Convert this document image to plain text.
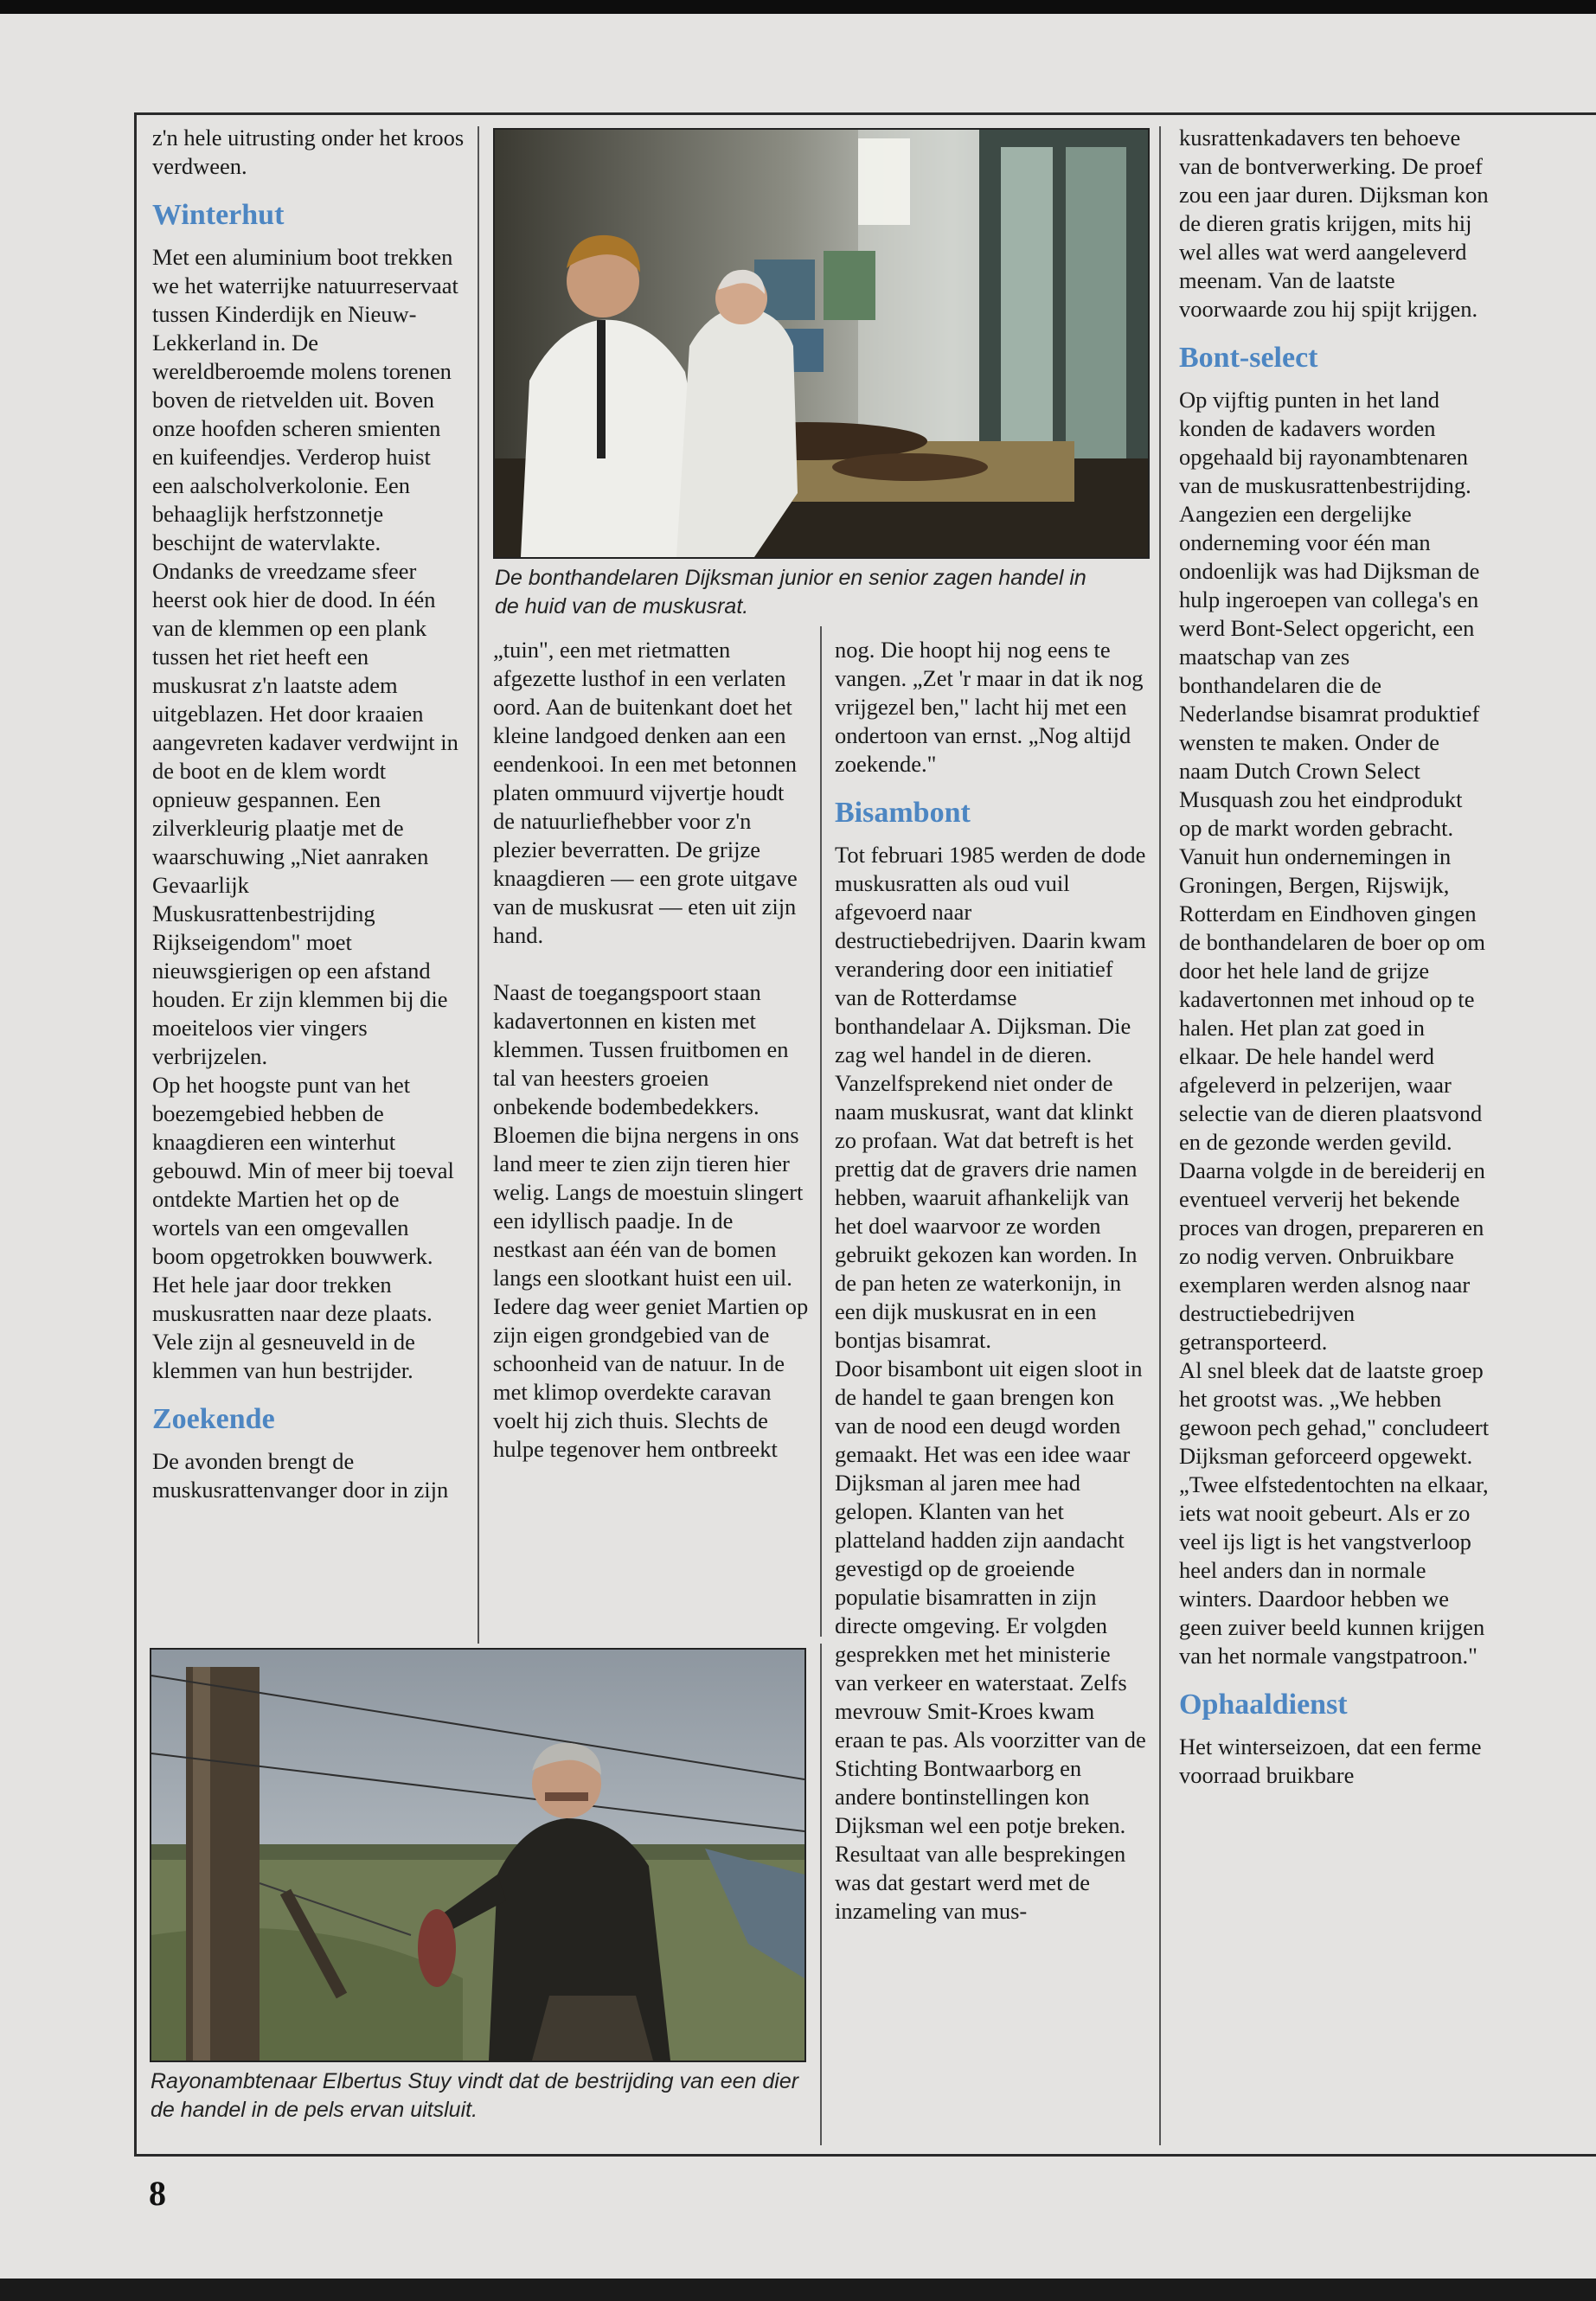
z'n hele uitrusting onder het kroos verdween.

Winterhut

Met een aluminium boot trekken we het waterrijke natuurreservaat tussen Kinderdijk en Nieuw-Lekkerland in. De wereldberoemde molens torenen boven de rietvelden uit. Boven onze hoofden scheren smienten en kuifeendjes. Verderop huist een aalscholverkolonie. Een behaaglijk herfstzonnetje beschijnt de watervlakte. Ondanks de vreedzame sfeer heerst ook hier de dood. In één van de klemmen op een plank tussen het riet heeft een muskusrat z'n laatste adem uitgeblazen. Het door kraaien aangevreten kadaver verdwijnt in de boot en de klem wordt opnieuw gespannen. Een zilverkleurig plaatje met de waarschuwing „Niet aanraken Gevaarlijk Muskusrattenbestrijding Rijkseigendom" moet nieuwsgierigen op een afstand houden. Er zijn klemmen bij die moeiteloos vier vingers verbrijzelen.

Op het hoogste punt van het boezemgebied hebben de knaagdieren een winterhut gebouwd. Min of meer bij toeval ontdekte Martien het op de wortels van een omgevallen boom opgetrokken bouwwerk. Het hele jaar door trekken muskusratten naar deze plaats. Vele zijn al gesneuveld in de klemmen van hun bestrijder.

Zoekende

De avonden brengt de muskusrattenvanger door in zijn

De bonthandelaren Dijksman junior en senior zagen handel in de huid van de muskusrat.

„tuin", een met rietmatten afgezette lusthof in een verlaten oord. Aan de buitenkant doet het kleine landgoed denken aan een eendenkooi. In een met betonnen platen ommuurd vijvertje houdt de natuurliefhebber voor z'n plezier beverratten. De grijze knaagdieren — een grote uitgave van de muskusrat — eten uit zijn hand.

Naast de toegangspoort staan kadavertonnen en kisten met klemmen. Tussen fruitbomen en tal van heesters groeien onbekende bodembedekkers. Bloemen die bijna nergens in ons land meer te zien zijn tieren hier welig. Langs de moestuin slingert een idyllisch paadje. In de nestkast aan één van de bomen langs een slootkant huist een uil.

Iedere dag weer geniet Martien op zijn eigen grondgebied van de schoonheid van de natuur. In de met klimop overdekte caravan voelt hij zich thuis. Slechts de hulpe tegenover hem ontbreekt

nog. Die hoopt hij nog eens te vangen. „Zet 'r maar in dat ik nog vrijgezel ben," lacht hij met een ondertoon van ernst. „Nog altijd zoekende."

Bisambont

Tot februari 1985 werden de dode muskusratten als oud vuil afgevoerd naar destructiebedrijven. Daarin kwam verandering door een initiatief van de Rotterdamse bonthandelaar A. Dijksman. Die zag wel handel in de dieren. Vanzelfsprekend niet onder de naam muskusrat, want dat klinkt zo profaan. Wat dat betreft is het prettig dat de gravers drie namen hebben, waaruit afhankelijk van het doel waarvoor ze worden gebruikt gekozen kan worden. In de pan heten ze waterkonijn, in een dijk muskusrat en in een bontjas bisamrat.

Door bisambont uit eigen sloot in de handel te gaan brengen kon van de nood een deugd worden gemaakt. Het was een idee waar Dijksman al jaren mee had gelopen. Klanten van het platteland hadden zijn aandacht gevestigd op de groeiende populatie bisamratten in zijn directe omgeving. Er volgden gesprekken met het ministerie van verkeer en waterstaat. Zelfs mevrouw Smit-Kroes kwam eraan te pas. Als voorzitter van de Stichting Bontwaarborg en andere bontinstellingen kon Dijksman wel een potje breken. Resultaat van alle besprekingen was dat gestart werd met de inzameling van mus-

kusrattenkadavers ten behoeve van de bontverwerking. De proef zou een jaar duren. Dijksman kon de dieren gratis krijgen, mits hij wel alles wat werd aangeleverd meenam. Van de laatste voorwaarde zou hij spijt krijgen.

Bont-select

Op vijftig punten in het land konden de kadavers worden opgehaald bij rayonambtenaren van de muskusrattenbestrijding. Aangezien een dergelijke onderneming voor één man ondoenlijk was had Dijksman de hulp ingeroepen van collega's en werd Bont-Select opgericht, een maatschap van zes bonthandelaren die de Nederlandse bisamrat produktief wensten te maken. Onder de naam Dutch Crown Select Musquash zou het eindprodukt op de markt worden gebracht.

Vanuit hun ondernemingen in Groningen, Bergen, Rijswijk, Rotterdam en Eindhoven gingen de bonthandelaren de boer op om door het hele land de grijze kadavertonnen met inhoud op te halen. Het plan zat goed in elkaar. De hele handel werd afgeleverd in pelzerijen, waar selectie van de dieren plaatsvond en de gezonde werden gevild. Daarna volgde in de bereiderij en eventueel ververij het bekende proces van drogen, prepareren en zo nodig verven. Onbruikbare exemplaren werden alsnog naar destructiebedrijven getransporteerd.

Al snel bleek dat de laatste groep het grootst was. „We hebben gewoon pech gehad," concludeert Dijksman geforceerd opgewekt. „Twee elfstedentochten na elkaar, iets wat nooit gebeurt. Als er zo veel ijs ligt is het vangstverloop heel anders dan in normale winters. Daardoor hebben we geen zuiver beeld kunnen krijgen van het normale vangstpatroon."

Ophaaldienst

Het winterseizoen, dat een ferme voorraad bruikbare

Rayonambtenaar Elbertus Stuy vindt dat de bestrijding van een dier de handel in de pels ervan uitsluit.
8
